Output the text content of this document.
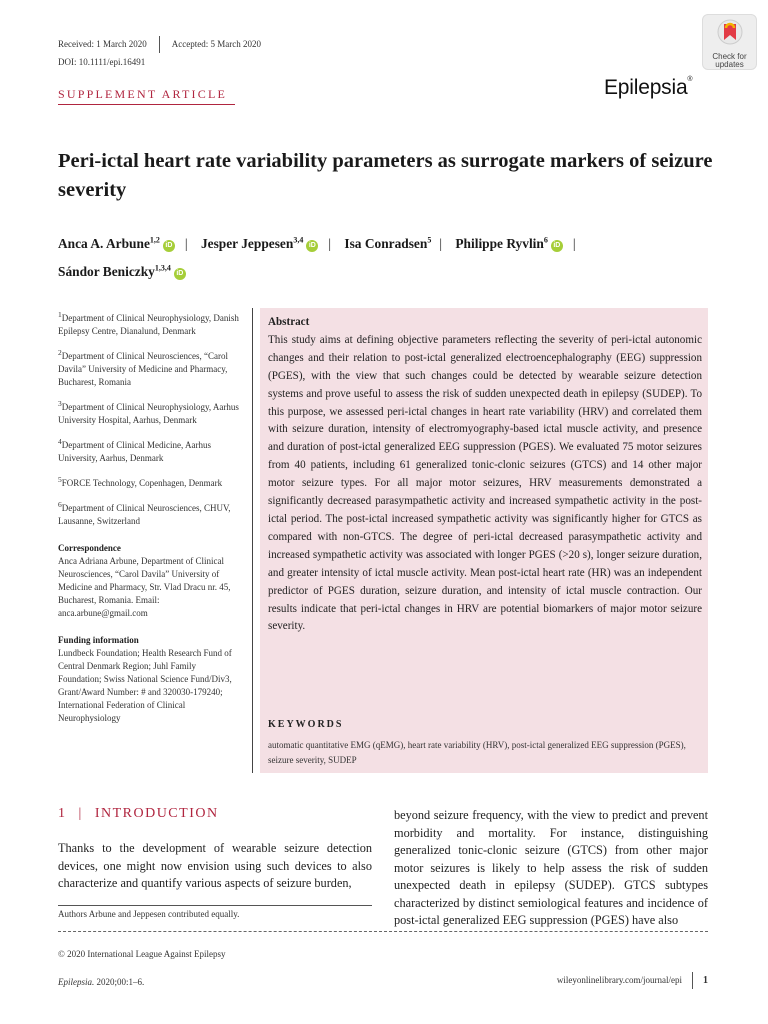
Received: 1 March 2020	Accepted: 5 March 2020
DOI: 10.1111/epi.16491
Check for
updates
Epilepsia®
SUPPLEMENT ARTICLE
Peri-ictal heart rate variability parameters as surrogate markers of seizure severity
Anca A. Arbune$^{1,2}$iD | Jesper Jeppesen$^{3,4}$iD | Isa Conradsen$^5$ | Philippe Ryvlin$^6$iD |
Sándor Beniczky$^{1,3,4}$iD

$^1$Department of Clinical Neurophysiology, Danish Epilepsy Centre, Dianalund, Denmark

$^2$Department of Clinical Neurosciences, “Carol Davila” University of Medicine and Pharmacy, Bucharest, Romania

$^3$Department of Clinical Neurophysiology, Aarhus University Hospital, Aarhus, Denmark

$^4$Department of Clinical Medicine, Aarhus University, Aarhus, Denmark

$^5$FORCE Technology, Copenhagen, Denmark

$^6$Department of Clinical Neurosciences, CHUV, Lausanne, Switzerland

Correspondence

Anca Adriana Arbune, Department of Clinical Neurosciences, “Carol Davila” University of Medicine and Pharmacy, Str. Vlad Dracu nr. 45, Bucharest, Romania. Email: anca.arbune@gmail.com

Funding information

Lundbeck Foundation; Health Research Fund of Central Denmark Region; Juhl Family Foundation; Swiss National Science Fund/Div3, Grant/Award Number: # and 320030-179240; International Federation of Clinical Neurophysiology

Abstract
This study aims at defining objective parameters reflecting the severity of peri-ictal autonomic changes and their relation to post-ictal generalized electroencephalography (EEG) suppression (PGES), with the view that such changes could be detected by wearable seizure detection systems and prove useful to assess the risk of sudden unexpected death in epilepsy (SUDEP). To this purpose, we assessed peri-ictal changes in heart rate variability (HRV) and correlated them with seizure duration, intensity of electromyography-based ictal muscle activity, and presence and duration of post-ictal generalized EEG suppression (PGES). We evaluated 75 motor seizures from 40 patients, including 61 generalized tonic-clonic seizures (GTCS) and 14 other major motor seizure types. For all major motor seizures, HRV measurements demonstrated a significantly decreased parasympathetic activity and increased sympathetic activity in the post-ictal period. The post-ictal increased sympathetic activity was significantly higher for GTCS as compared with non-GTCS. The degree of peri-ictal decreased parasympathetic activity and increased sympathetic activity was associated with longer PGES (>20 s), longer seizure duration, and greater intensity of ictal muscle activity. Mean post-ictal heart rate (HR) was an independent predictor of PGES duration, seizure duration, and intensity of ictal muscle contraction. Our results indicate that peri-ictal changes in HRV are potential biomarkers of major motor seizure severity.
KEYWORDS
automatic quantitative EMG (qEMG), heart rate variability (HRV), post-ictal generalized EEG suppression (PGES), seizure severity, SUDEP
1 | INTRODUCTION
Thanks to the development of wearable seizure detection devices, one might now envision using such devices to also characterize and quantify various aspects of seizure burden,
beyond seizure frequency, with the view to predict and prevent morbidity and mortality. For instance, distinguishing generalized tonic-clonic seizure (GTCS) from other major motor seizures is likely to help assess the risk of sudden unexpected death in epilepsy (SUDEP). GTCS subtypes characterized by distinct semiological features and incidence of post-ictal generalized EEG suppression (PGES) have also
Authors Arbune and Jeppesen contributed equally.
© 2020 International League Against Epilepsy
Epilepsia. 2020;00:1–6.	wileyonlinelibrary.com/journal/epi 1
